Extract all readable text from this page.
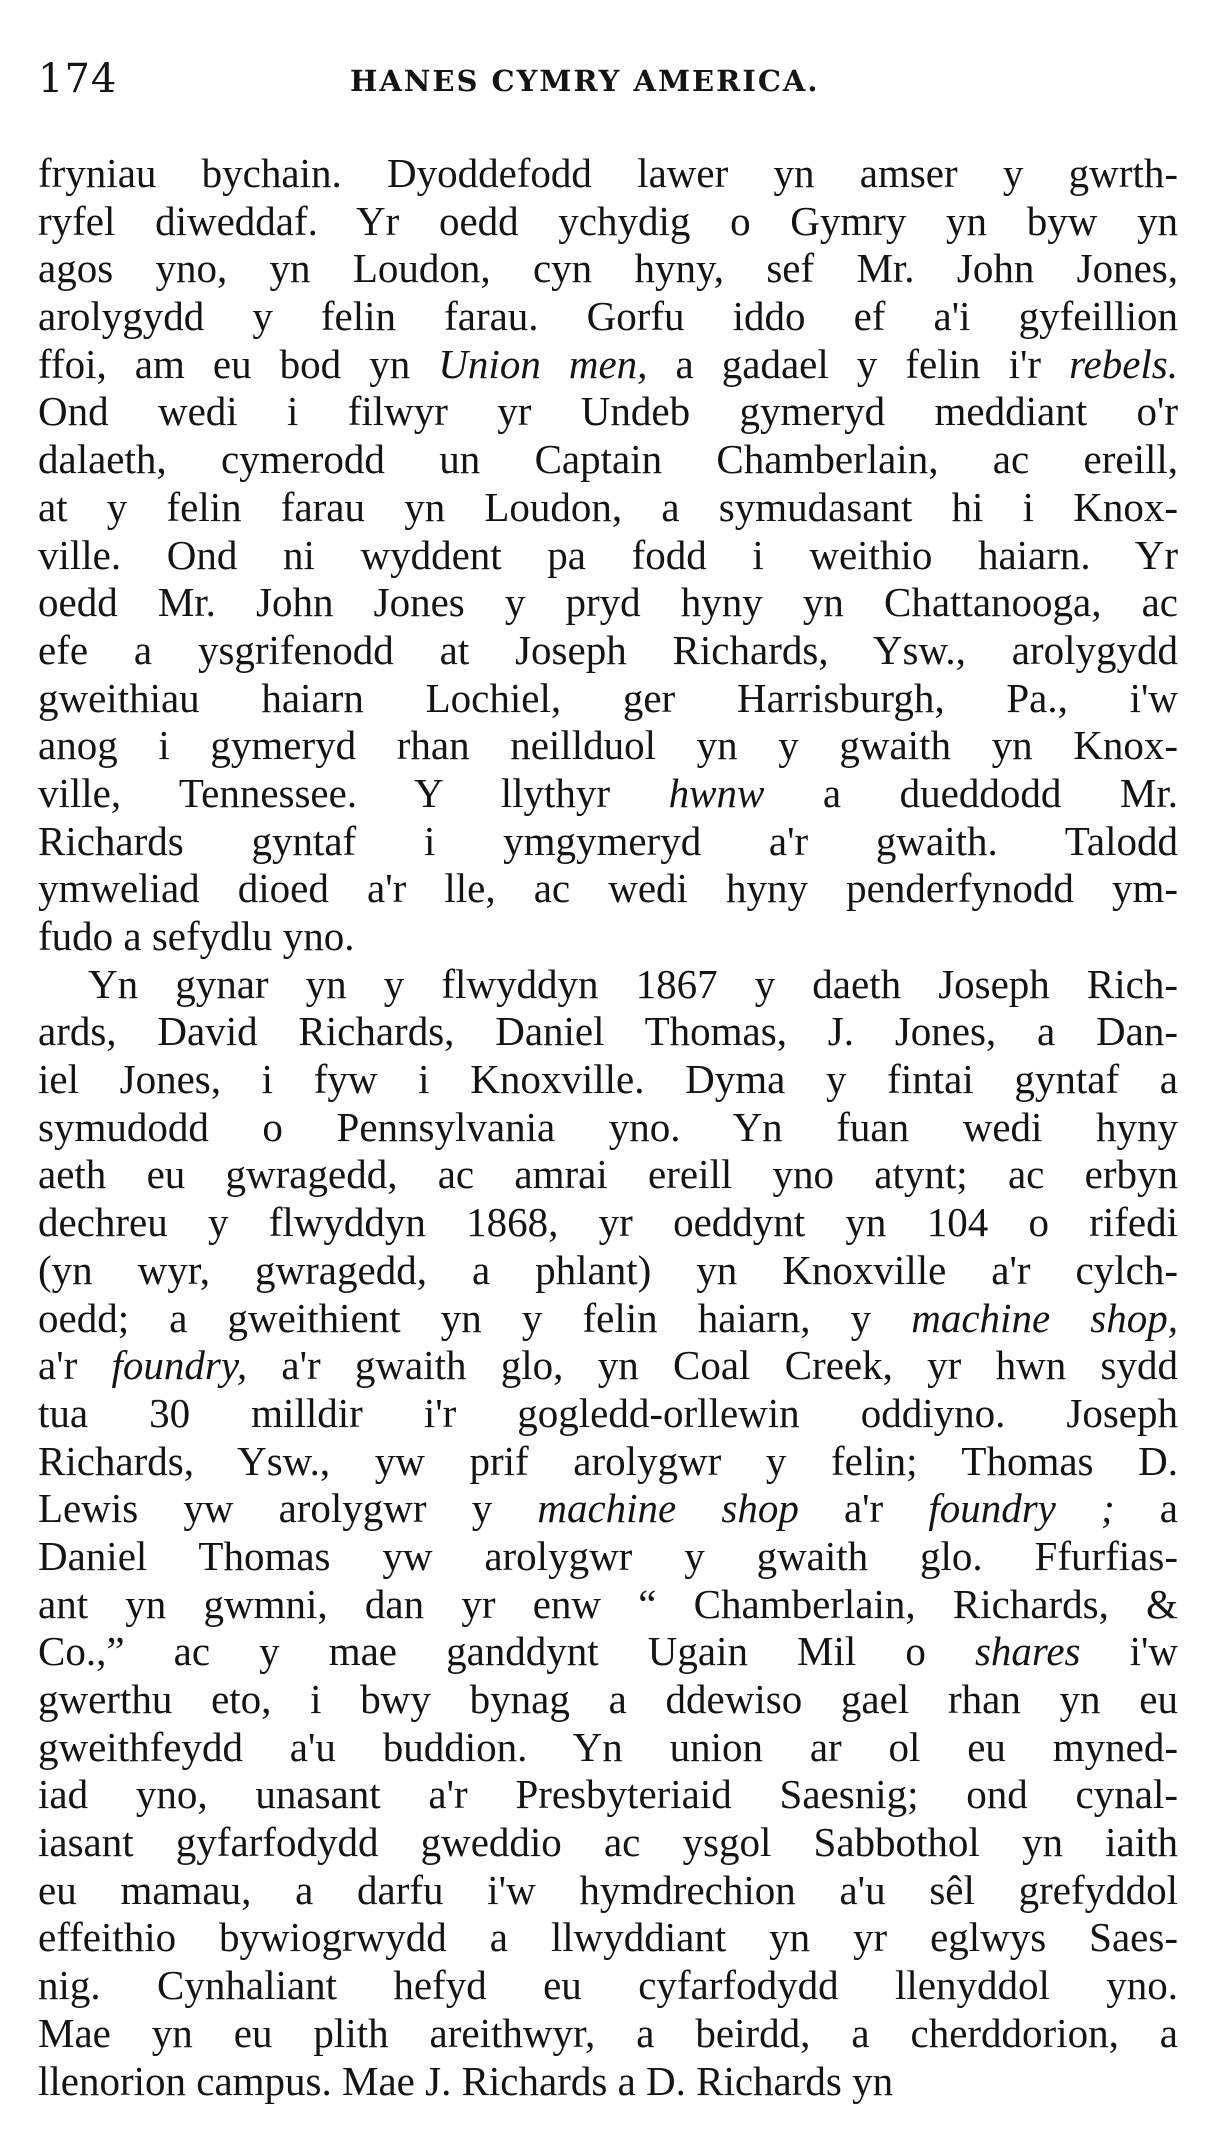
174	HANES CYMRY AMERICA.
fryniau bychain. Dyoddefodd lawer yn amser y gwrth-
ryfel diweddaf. Yr oedd ychydig o Gymry yn byw yn
agos yno, yn Loudon, cyn hyny, sef Mr. John Jones,
arolygydd y felin farau. Gorfu iddo ef a'i gyfeillion
ffoi, am eu bod yn Union men, a gadael y felin i'r rebels.
Ond wedi i filwyr yr Undeb gymeryd meddiant o'r
dalaeth, cymerodd un Captain Chamberlain, ac ereill,
at y felin farau yn Loudon, a symudasant hi i Knox-
ville. Ond ni wyddent pa fodd i weithio haiarn. Yr
oedd Mr. John Jones y pryd hyny yn Chattanooga, ac
efe a ysgrifenodd at Joseph Richards, Ysw., arolygydd
gweithiau haiarn Lochiel, ger Harrisburgh, Pa., i'w
anog i gymeryd rhan neillduol yn y gwaith yn Knox-
ville, Tennessee. Y llythyr hwnw a dueddodd Mr.
Richards gyntaf i ymgymeryd a'r gwaith. Talodd
ymweliad dioed a'r lle, ac wedi hyny penderfynodd ym-
fudo a sefydlu yno.
Yn gynar yn y flwyddyn 1867 y daeth Joseph Rich-
ards, David Richards, Daniel Thomas, J. Jones, a Dan-
iel Jones, i fyw i Knoxville. Dyma y fintai gyntaf a
symudodd o Pennsylvania yno. Yn fuan wedi hyny
aeth eu gwragedd, ac amrai ereill yno atynt; ac erbyn
dechreu y flwyddyn 1868, yr oeddynt yn 104 o rifedi
(yn wyr, gwragedd, a phlant) yn Knoxville a'r cylch-
oedd; a gweithient yn y felin haiarn, y machine shop,
a'r foundry, a'r gwaith glo, yn Coal Creek, yr hwn sydd
tua 30 milldir i'r gogledd-orllewin oddiyno. Joseph
Richards, Ysw., yw prif arolygwr y felin; Thomas D.
Lewis yw arolygwr y machine shop a'r foundry ; a
Daniel Thomas yw arolygwr y gwaith glo. Ffurfias-
ant yn gwmni, dan yr enw “ Chamberlain, Richards, &
Co.,” ac y mae ganddynt Ugain Mil o shares i'w
gwerthu eto, i bwy bynag a ddewiso gael rhan yn eu
gweithfeydd a'u buddion. Yn union ar ol eu myned-
iad yno, unasant a'r Presbyteriaid Saesnig; ond cynal-
iasant gyfarfodydd gweddio ac ysgol Sabbothol yn iaith
eu mamau, a darfu i'w hymdrechion a'u sêl grefyddol
effeithio bywiogrwydd a llwyddiant yn yr eglwys Saes-
nig. Cynhaliant hefyd eu cyfarfodydd llenyddol yno.
Mae yn eu plith areithwyr, a beirdd, a cherddorion, a
llenorion campus. Mae J. Richards a D. Richards yn
